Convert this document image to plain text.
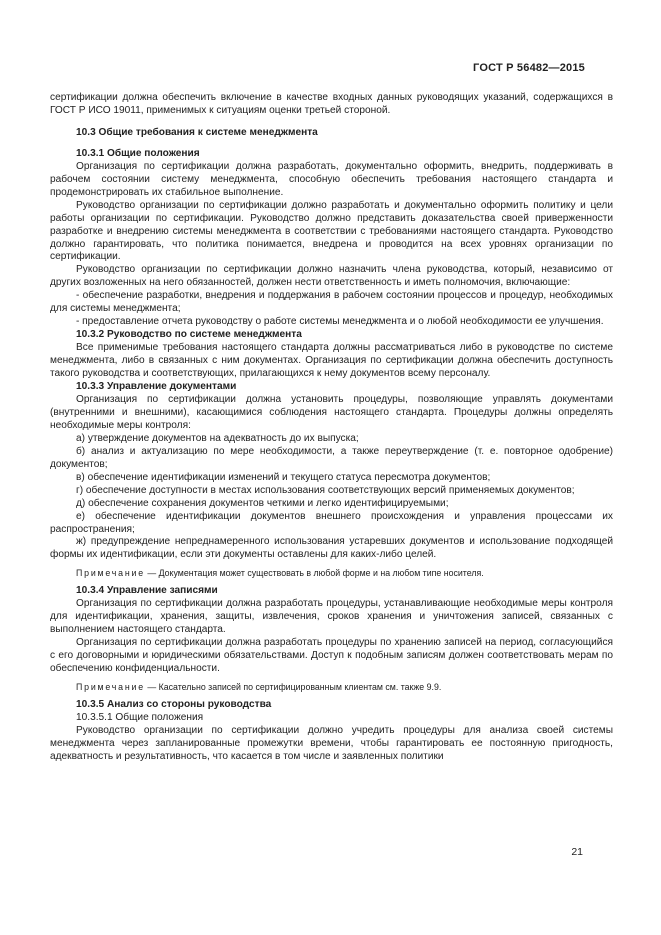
ГОСТ Р 56482—2015

сертификации должна обеспечить включение в качестве входных данных руководящих указаний, содержащихся в ГОСТ Р ИСО 19011, применимых к ситуациям оценки третьей стороной.

10.3 Общие требования к системе менеджмента

10.3.1 Общие положения

Организация по сертификации должна разработать, документально оформить, внедрить, поддерживать в рабочем состоянии систему менеджмента, способную обеспечить требования настоящего стандарта и продемонстрировать их стабильное выполнение.

Руководство организации по сертификации должно разработать и документально оформить политику и цели работы организации по сертификации. Руководство должно представить доказательства своей приверженности разработке и внедрению системы менеджмента в соответствии с требованиями настоящего стандарта. Руководство должно гарантировать, что политика понимается, внедрена и проводится на всех уровнях организации по сертификации.

Руководство организации по сертификации должно назначить члена руководства, который, независимо от других возложенных на него обязанностей, должен нести ответственность и иметь полномочия, включающие:

- обеспечение разработки, внедрения и поддержания в рабочем состоянии процессов и процедур, необходимых для системы менеджмента;

- предоставление отчета руководству о работе системы менеджмента и о любой необходимости ее улучшения.

10.3.2 Руководство по системе менеджмента

Все применимые требования настоящего стандарта должны рассматриваться либо в руководстве по системе менеджмента, либо в связанных с ним документах. Организация по сертификации должна обеспечить доступность такого руководства и соответствующих, прилагающихся к нему документов всему персоналу.

10.3.3 Управление документами

Организация по сертификации должна установить процедуры, позволяющие управлять документами (внутренними и внешними), касающимися соблюдения настоящего стандарта. Процедуры должны определять необходимые меры контроля:

а) утверждение документов на адекватность до их выпуска;

б) анализ и актуализацию по мере необходимости, а также переутверждение (т. е. повторное одобрение) документов;

в) обеспечение идентификации изменений и текущего статуса пересмотра документов;

г) обеспечение доступности в местах использования соответствующих версий применяемых документов;

д) обеспечение сохранения документов четкими и легко идентифицируемыми;

е) обеспечение идентификации документов внешнего происхождения и управления процессами их распространения;

ж) предупреждение непреднамеренного использования устаревших документов и использование подходящей формы их идентификации, если эти документы оставлены для каких-либо целей.

Примечание — Документация может существовать в любой форме и на любом типе носителя.

10.3.4 Управление записями

Организация по сертификации должна разработать процедуры, устанавливающие необходимые меры контроля для идентификации, хранения, защиты, извлечения, сроков хранения и уничтожения записей, связанных с выполнением настоящего стандарта.

Организация по сертификации должна разработать процедуры по хранению записей на период, согласующийся с его договорными и юридическими обязательствами. Доступ к подобным записям должен соответствовать мерам по обеспечению конфиденциальности.

Примечание — Касательно записей по сертифицированным клиентам см. также 9.9.

10.3.5 Анализ со стороны руководства

10.3.5.1 Общие положения

Руководство организации по сертификации должно учредить процедуры для анализа своей системы менеджмента через запланированные промежутки времени, чтобы гарантировать ее постоянную пригодность, адекватность и результативность, что касается в том числе и заявленных политики

21
